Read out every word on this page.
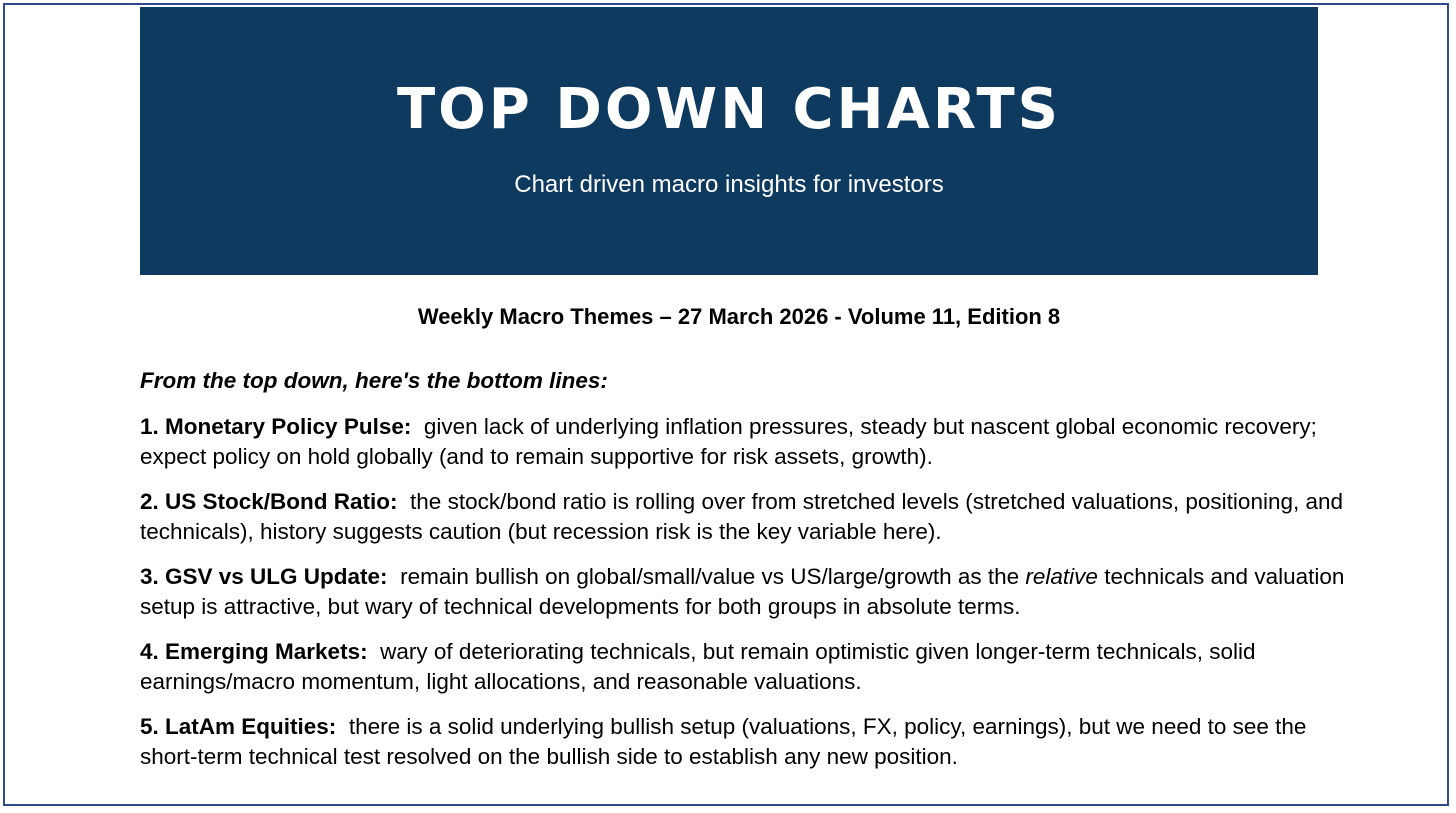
TOP DOWN CHARTS
Chart driven macro insights for investors
Weekly Macro Themes – 27 March 2026 - Volume 11, Edition 8

From the top down, here's the bottom lines:

1. Monetary Policy Pulse: given lack of underlying inflation pressures, steady but nascent global economic recovery; expect policy on hold globally (and to remain supportive for risk assets, growth).

2. US Stock/Bond Ratio: the stock/bond ratio is rolling over from stretched levels (stretched valuations, positioning, and technicals), history suggests caution (but recession risk is the key variable here).

3. GSV vs ULG Update: remain bullish on global/small/value vs US/large/growth as the relative technicals and valuation setup is attractive, but wary of technical developments for both groups in absolute terms.

4. Emerging Markets: wary of deteriorating technicals, but remain optimistic given longer-term technicals, solid earnings/macro momentum, light allocations, and reasonable valuations.

5. LatAm Equities: there is a solid underlying bullish setup (valuations, FX, policy, earnings), but we need to see the short-term technical test resolved on the bullish side to establish any new position.
